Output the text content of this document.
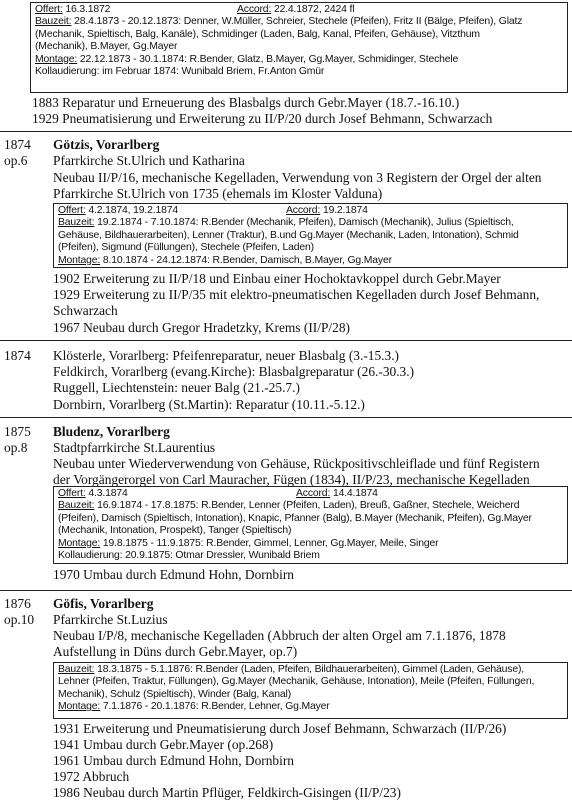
Offert: 16.3.1872	Accord: 22.4.1872, 2424 fl
Bauzeit: 28.4.1873 - 20.12.1873: Denner, W.Müller, Schreier, Stechele (Pfeifen), Fritz II (Bälge, Pfeifen), Glatz
(Mechanik, Spieltisch, Balg, Kanäle), Schmidinger (Laden, Balg, Kanal, Pfeifen, Gehäuse), Vitzthum
(Mechanik), B.Mayer, Gg.Mayer
Montage: 22.12.1873 - 30.1.1874: R.Bender, Glatz, B.Mayer, Gg.Mayer, Schmidinger, Stechele
Kollaudierung: im Februar 1874: Wunibald Briem, Fr.Anton Gmür
1883 Reparatur und Erneuerung des Blasbalgs durch Gebr.Mayer (18.7.-16.10.)
1929 Pneumatisierung und Erweiterung zu II/P/20 durch Josef Behmann, Schwarzach
1874
op.6
Götzis, Vorarlberg
Pfarrkirche St.Ulrich und Katharina
Neubau II/P/16, mechanische Kegelladen, Verwendung von 3 Registern der Orgel der alten
Pfarrkirche St.Ulrich von 1735 (ehemals im Kloster Valduna)
Offert: 4.2.1874, 19.2.1874	Accord: 19.2.1874
Bauzeit: 19.2.1874 - 7.10.1874: R.Bender (Mechanik, Pfeifen), Damisch (Mechanik), Julius (Spieltisch,
Gehäuse, Bildhauerarbeiten), Lenner (Traktur), B.und Gg.Mayer (Mechanik, Laden, Intonation), Schmid
(Pfeifen), Sigmund (Füllungen), Stechele (Pfeifen, Laden)
Montage: 8.10.1874 - 24.12.1874: R.Bender, Damisch, B.Mayer, Gg.Mayer
1902 Erweiterung zu II/P/18 und Einbau einer Hochoktavkoppel durch Gebr.Mayer
1929 Erweiterung zu II/P/35 mit elektro-pneumatischen Kegelladen durch Josef Behmann,
Schwarzach
1967 Neubau durch Gregor Hradetzky, Krems (II/P/28)
1874 Klösterle, Vorarlberg: Pfeifenreparatur, neuer Blasbalg (3.-15.3.)
Feldkirch, Vorarlberg (evang.Kirche): Blasbalgreparatur (26.-30.3.)
Ruggell, Liechtenstein: neuer Balg (21.-25.7.)
Dornbirn, Vorarlberg (St.Martin): Reparatur (10.11.-5.12.)
1875
op.8
Bludenz, Vorarlberg
Stadtpfarrkirche St.Laurentius
Neubau unter Wiederverwendung von Gehäuse, Rückpositivschleiflade und fünf Registern
der Vorgängerorgel von Carl Mauracher, Fügen (1834), II/P/23, mechanische Kegelladen
Offert: 4.3.1874	Accord: 14.4.1874
Bauzeit: 16.9.1874 - 17.8.1875: R.Bender, Lenner (Pfeifen, Laden), Breuß, Gaßner, Stechele, Weicherd
(Pfeifen), Damisch (Spieltisch, Intonation), Knapic, Pfanner (Balg), B.Mayer (Mechanik, Pfeifen), Gg.Mayer
(Mechanik, Intonation, Prospekt), Tanger (Spieltisch)
Montage: 19.8.1875 - 11.9.1875: R.Bender, Gimmel, Lenner, Gg.Mayer, Meile, Singer
Kollaudierung: 20.9.1875: Otmar Dressler, Wunibald Briem
1970 Umbau durch Edmund Hohn, Dornbirn
1876
op.10
Göfis, Vorarlberg
Pfarrkirche St.Luzius
Neubau I/P/8, mechanische Kegelladen (Abbruch der alten Orgel am 7.1.1876, 1878
Aufstellung in Düns durch Gebr.Mayer, op.7)
Bauzeit: 18.3.1875 - 5.1.1876: R.Bender (Laden, Pfeifen, Bildhauerarbeiten), Gimmel (Laden, Gehäuse),
Lehner (Pfeifen, Traktur, Füllungen), Gg.Mayer (Mechanik, Gehäuse, Intonation), Meile (Pfeifen, Füllungen,
Mechanik), Schulz (Spieltisch), Winder (Balg, Kanal)
Montage: 7.1.1876 - 20.1.1876: R.Bender, Lehner, Gg.Mayer
1931 Erweiterung und Pneumatisierung durch Josef Behmann, Schwarzach (II/P/26)
1941 Umbau durch Gebr.Mayer (op.268)
1961 Umbau durch Edmund Hohn, Dornbirn
1972 Abbruch
1986 Neubau durch Martin Pflüger, Feldkirch-Gisingen (II/P/23)
